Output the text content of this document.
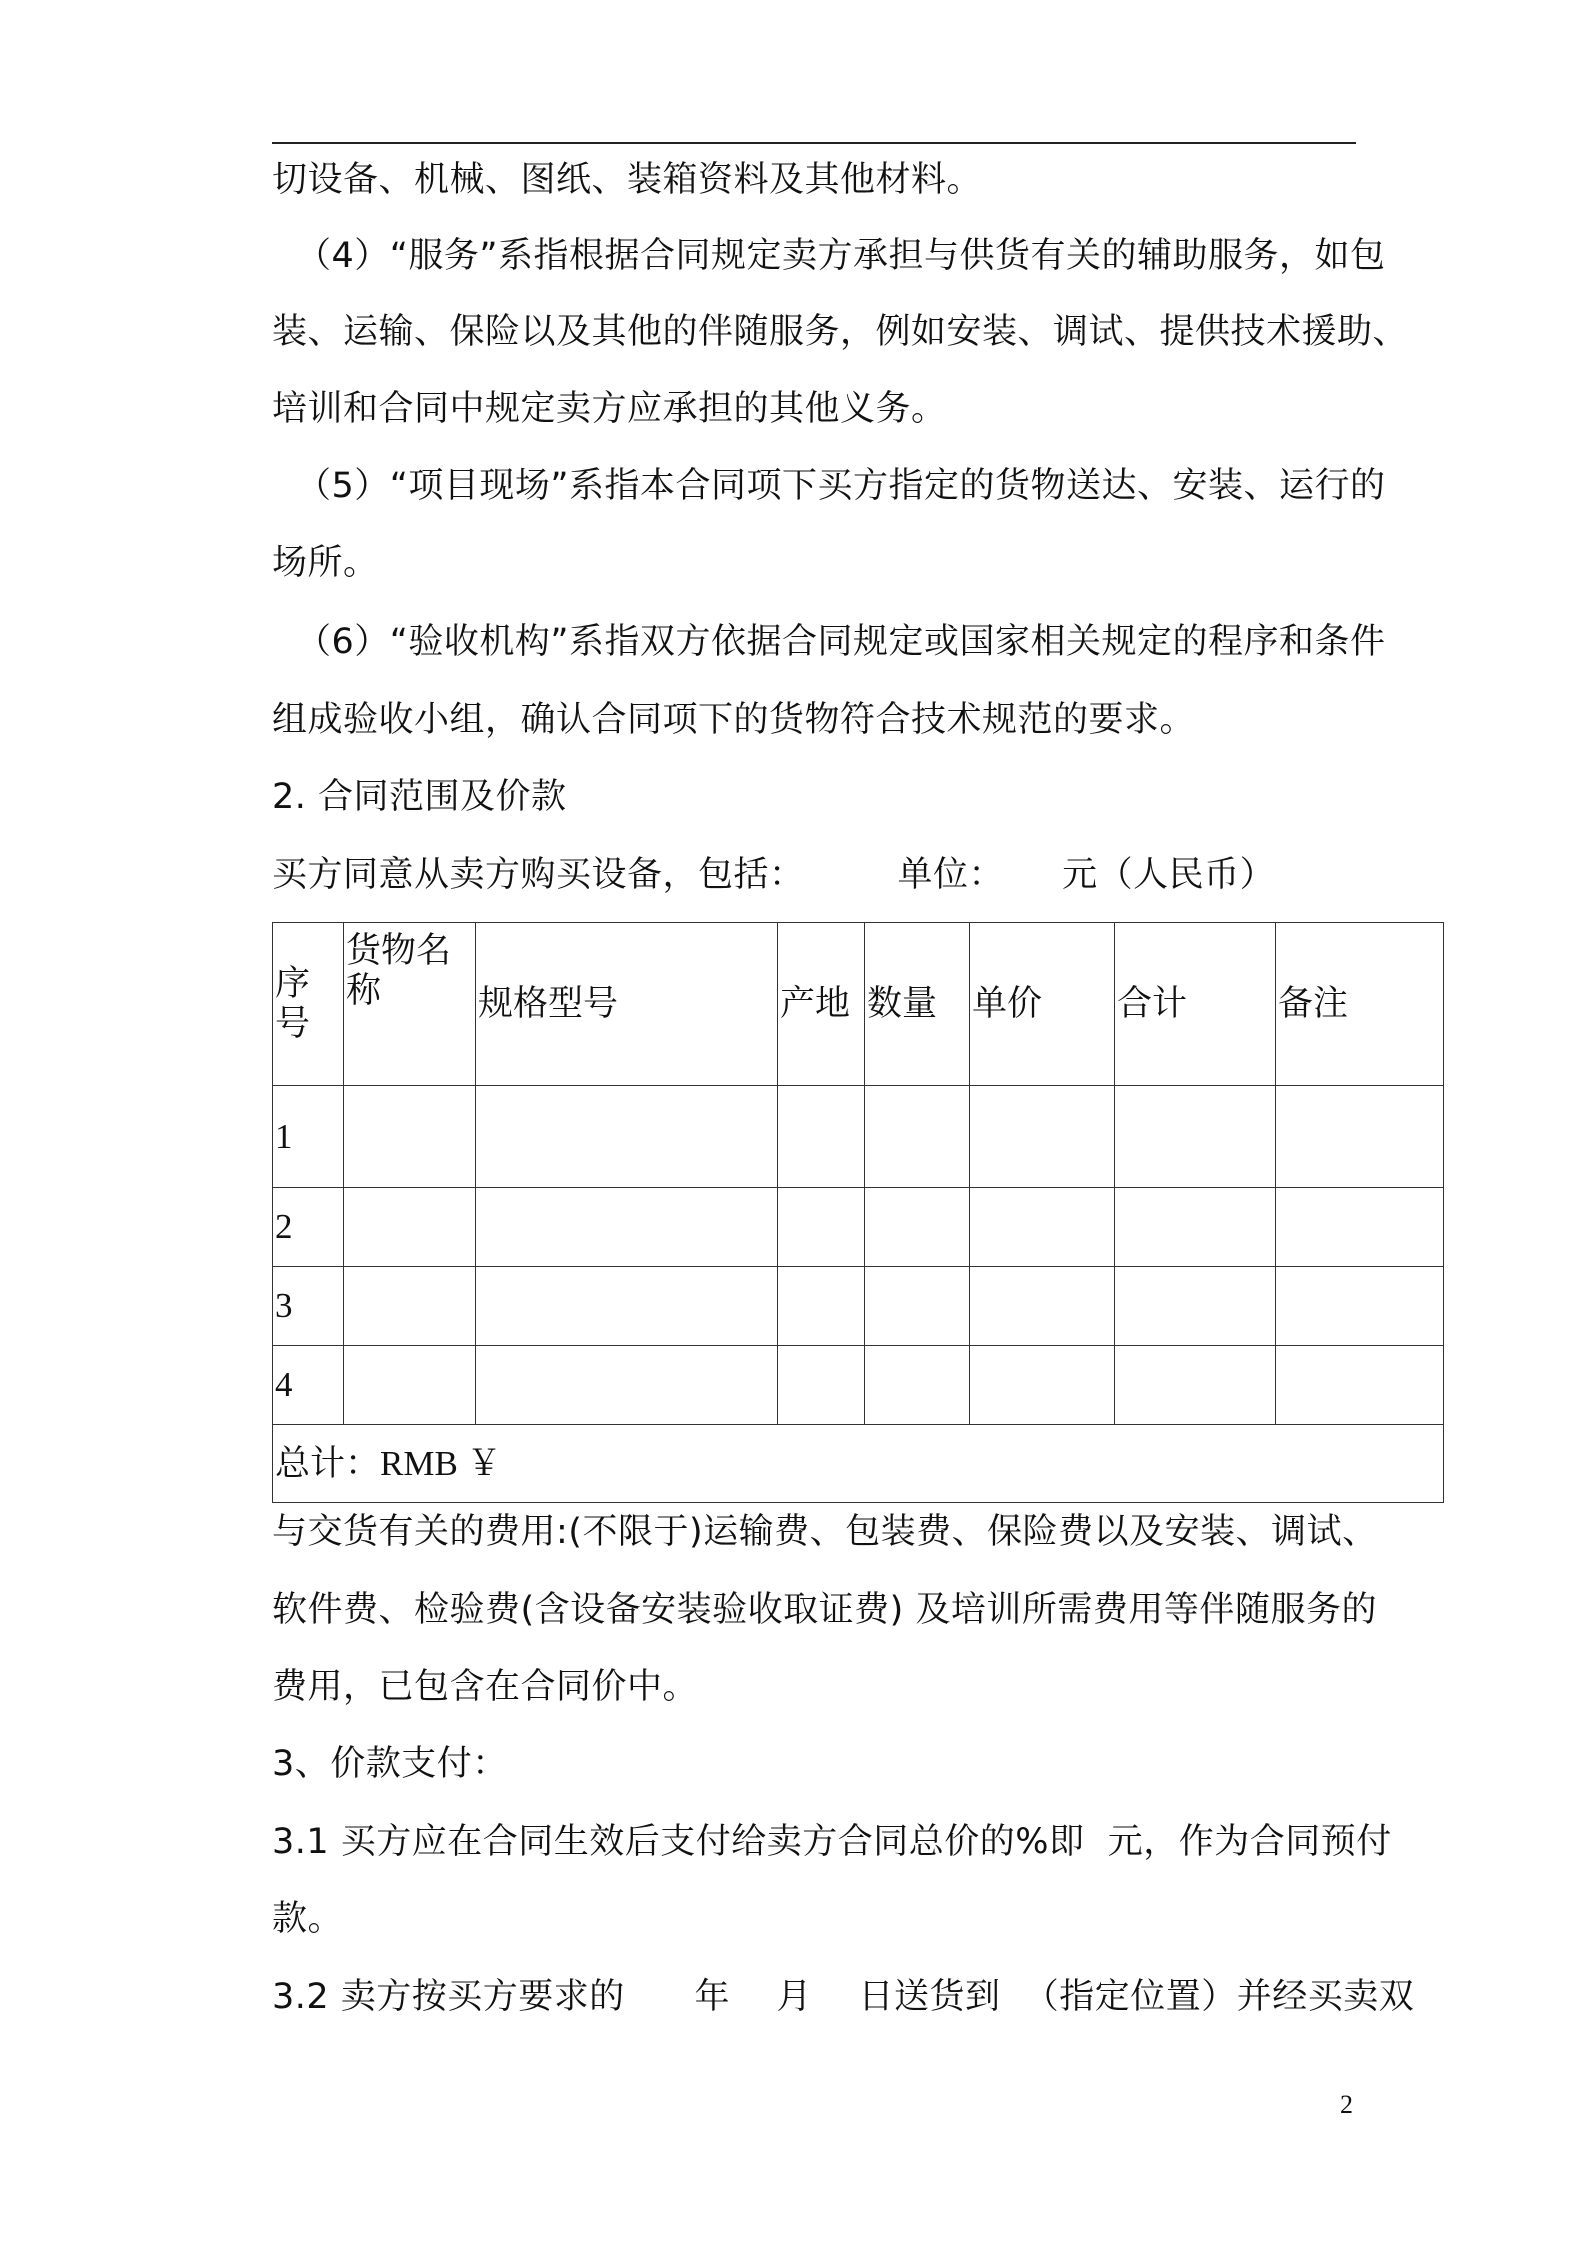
切设备、机械、图纸、装箱资料及其他材料。
（4）“服务”系指根据合同规定卖方承担与供货有关的辅助服务，如包
装、运输、保险以及其他的伴随服务，例如安装、调试、提供技术援助、
培训和合同中规定卖方应承担的其他义务。
（5）“项目现场”系指本合同项下买方指定的货物送达、安装、运行的
场所。
（6）“验收机构”系指双方依据合同规定或国家相关规定的程序和条件
组成验收小组，确认合同项下的货物符合技术规范的要求。
2. 合同范围及价款
买方同意从卖方购买设备，包括：        单位：     元（人民币）
序号	货物名称	规格型号	产地	数量	单价	合计	备注
1							
2							
3							
4							
总计：RMB ￥							
与交货有关的费用:(不限于)运输费、包装费、保险费以及安装、调试、
软件费、检验费(含设备安装验收取证费) 及培训所需费用等伴随服务的
费用，已包含在合同价中。
3、价款支付：
3.1 买方应在合同生效后支付给卖方合同总价的%即  元，作为合同预付
款。
3.2 卖方按买方要求的      年    月    日送货到  （指定位置）并经买卖双
2
